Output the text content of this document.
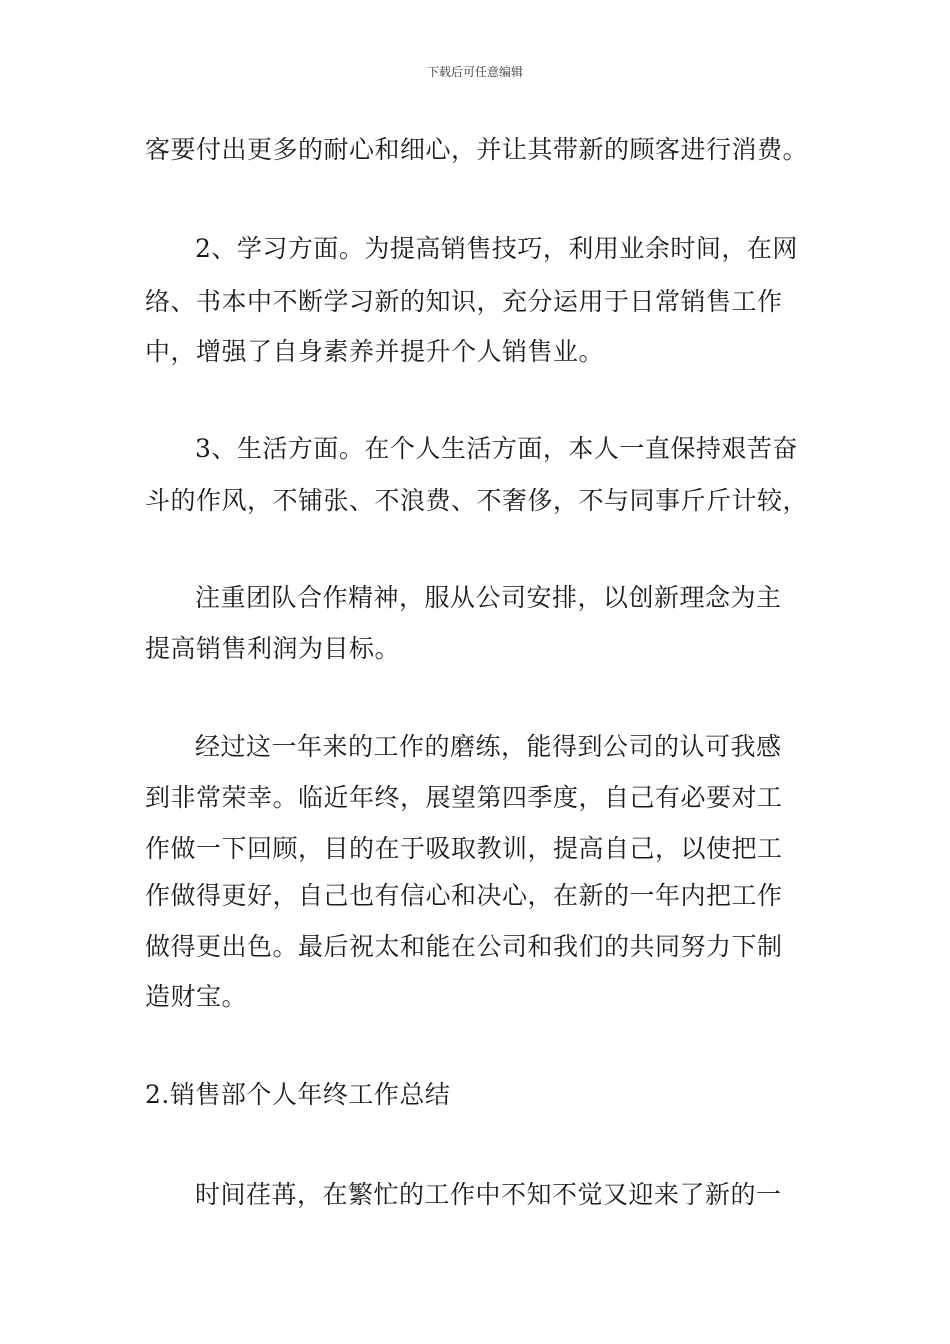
下载后可任意编辑
客要付出更多的耐心和细心，并让其带新的顾客进行消费。
2、学习方面。为提高销售技巧，利用业余时间，在网
络、书本中不断学习新的知识，充分运用于日常销售工作
中，增强了自身素养并提升个人销售业。
3、生活方面。在个人生活方面，本人一直保持艰苦奋
斗的作风，不铺张、不浪费、不奢侈，不与同事斤斤计较，
注重团队合作精神，服从公司安排，以创新理念为主
提高销售利润为目标。
经过这一年来的工作的磨练，能得到公司的认可我感
到非常荣幸。临近年终，展望第四季度，自己有必要对工
作做一下回顾，目的在于吸取教训，提高自己，以使把工
作做得更好，自己也有信心和决心，在新的一年内把工作
做得更出色。最后祝太和能在公司和我们的共同努力下制
造财宝。
2.销售部个人年终工作总结
时间荏苒，在繁忙的工作中不知不觉又迎来了新的一
